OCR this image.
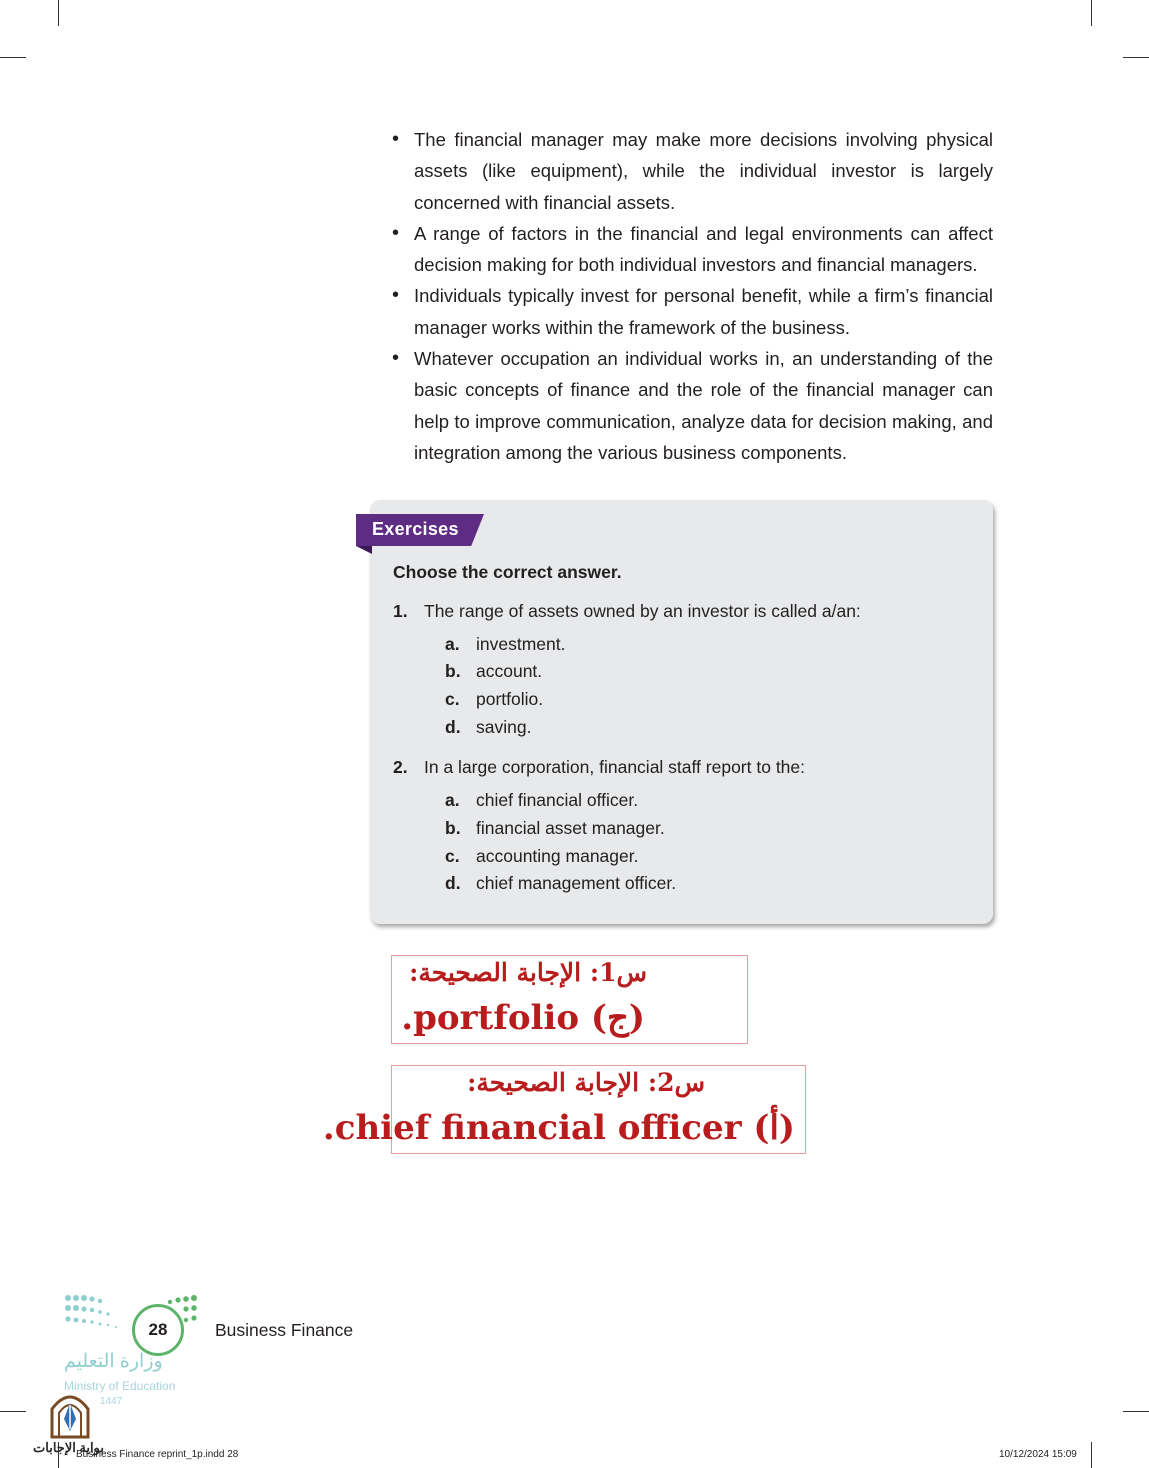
• The financial manager may make more decisions involving physical assets (like equipment), while the individual investor is largely concerned with financial assets.
• A range of factors in the financial and legal environments can affect decision making for both individual investors and financial managers.
• Individuals typically invest for personal benefit, while a firm’s financial manager works within the framework of the business.
• Whatever occupation an individual works in, an understanding of the basic concepts of finance and the role of the financial manager can help to improve communication, analyze data for decision making, and integration among the various business components.
Exercises
Choose the correct answer.
1. The range of assets owned by an investor is called a/an:
a. investment.
b. account.
c. portfolio.
d. saving.
2. In a large corporation, financial staff report to the:
a. chief financial officer.
b. financial asset manager.
c. accounting manager.
d. chief management officer.
س1: الإجابة الصحيحة:
(ج) portfolio.
س2: الإجابة الصحيحة:
(أ) chief financial officer.
28	Business Finance
وزارة التعليم
Ministry of Education
1447
بوابة الإجابات
Business Finance reprint_1p.indd 28	10/12/2024 15:09
